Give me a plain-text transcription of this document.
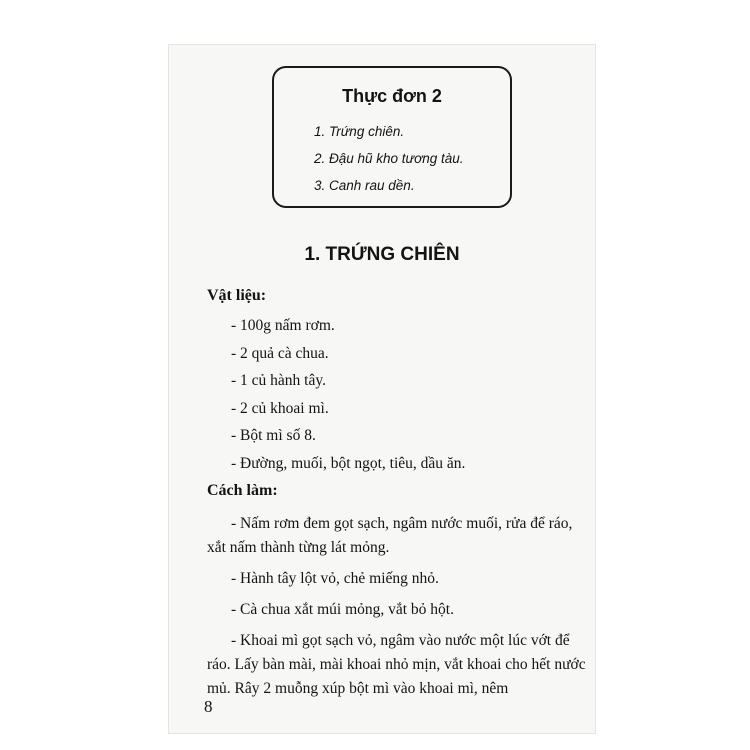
Thực đơn 2
1. Trứng chiên.
2. Đậu hũ kho tương tàu.
3. Canh rau dền.
1. TRỨNG CHIÊN
Vật liệu:
- 100g nấm rơm.
- 2 quả cà chua.
- 1 củ hành tây.
- 2 củ khoai mì.
- Bột mì số 8.
- Đường, muối, bột ngọt, tiêu, dầu ăn.
Cách làm:

- Nấm rơm đem gọt sạch, ngâm nước muối, rửa để ráo, xắt nấm thành từng lát mỏng.

- Hành tây lột vỏ, chẻ miếng nhỏ.

- Cà chua xắt múi mỏng, vắt bỏ hột.

- Khoai mì gọt sạch vỏ, ngâm vào nước một lúc vớt để ráo. Lấy bàn mài, mài khoai nhỏ mịn, vắt khoai cho hết nước mủ. Rây 2 muỗng xúp bột mì vào khoai mì, nêm

8
